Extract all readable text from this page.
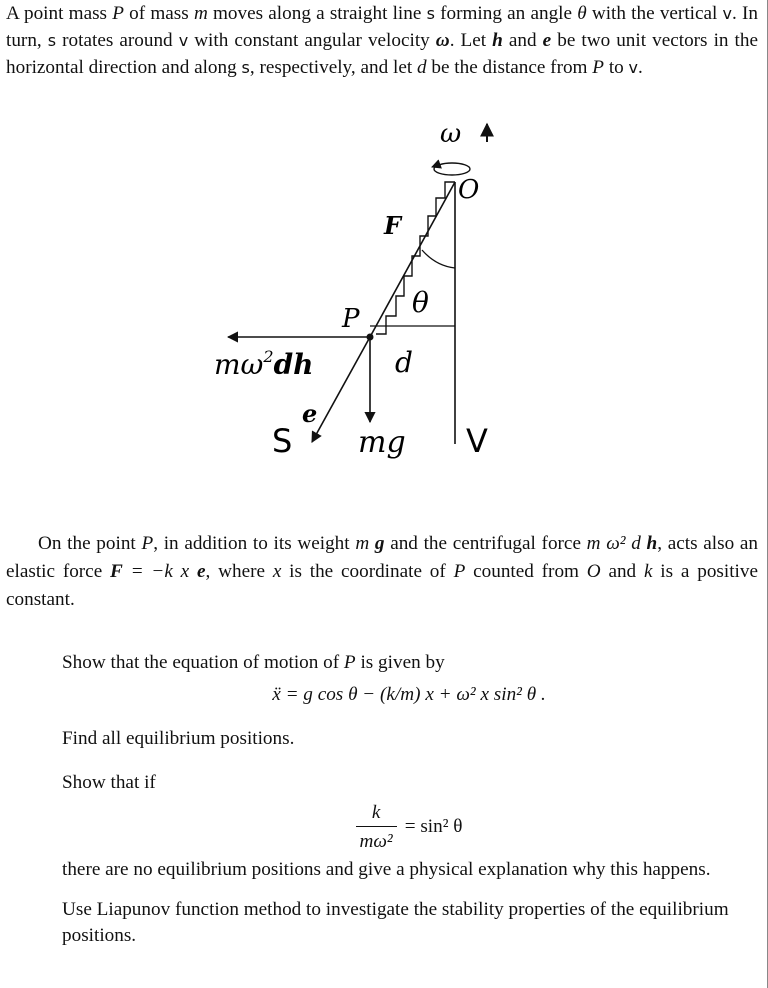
A point mass P of mass m moves along a straight line s forming an angle θ with the vertical v. In turn, s rotates around v with constant angular velocity ω. Let h and e be two unit vectors in the horizontal direction and along s, respectively, and let d be the distance from P to v.

ω
O
F
P θ
d
$m\omega^2dh$
e
S mg V

On the point P, in addition to its weight m g and the centrifugal force m ω² d h, acts also an elastic force F = −k x e, where x is the coordinate of P counted from O and k is a positive constant.

Show that the equation of motion of P is given by

ẍ = g cos θ − (k/m) x + ω² x sin² θ .

Find all equilibrium positions.

Show that if

$\frac{k}{\text{mω²}} = \sin^2$ θ

there are no equilibrium positions and give a physical explanation why this happens.

Use Liapunov function method to investigate the stability properties of the equilibrium positions.
